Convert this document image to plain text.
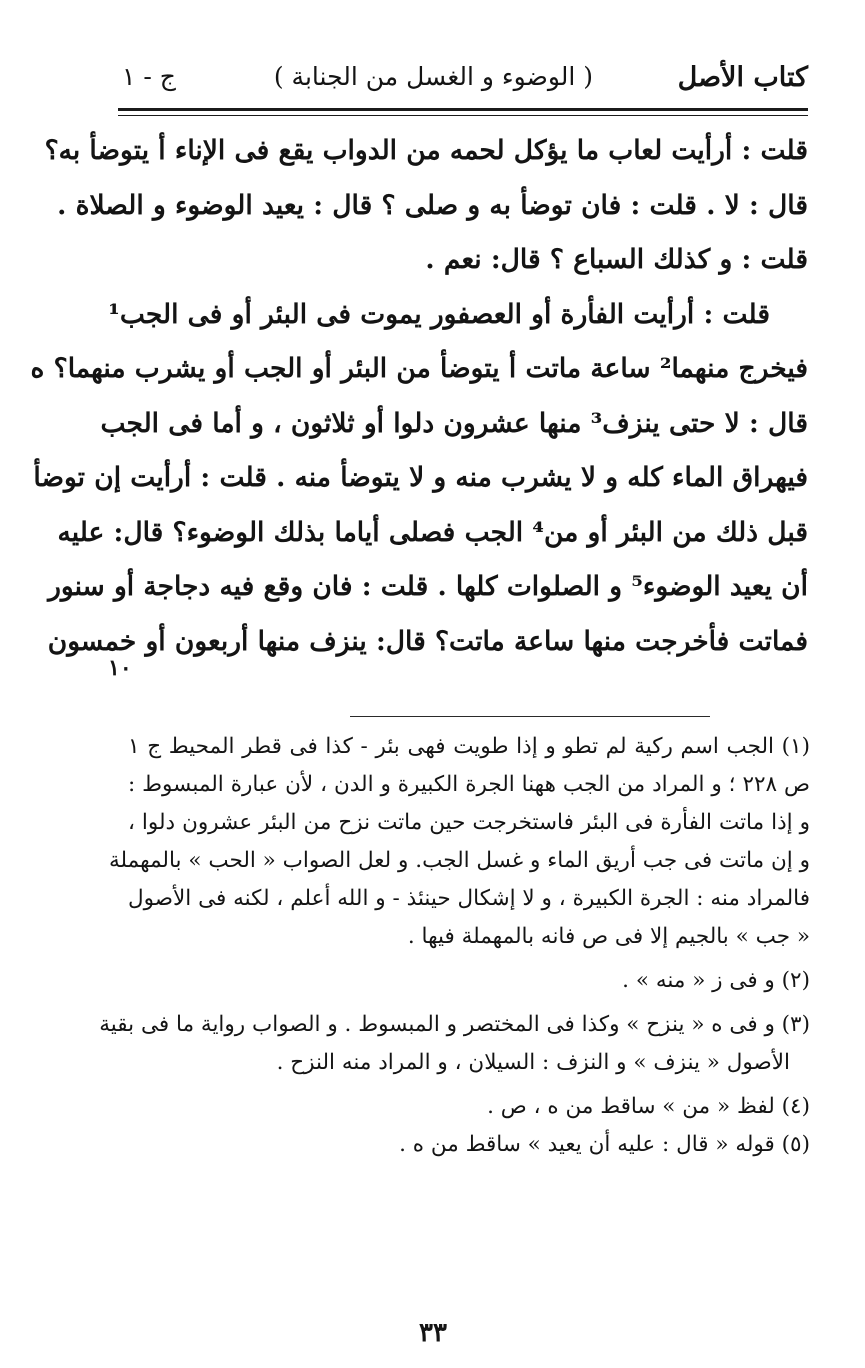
كتاب الأصل
( الوضوء و الغسل من الجنابة )
ج - ١
قلت : أرأيت لعاب ما يؤكل لحمه من الدواب يقع فى الإناء أ يتوضأ به؟
قال : لا . قلت : فان توضأ به و صلى ؟ قال : يعيد الوضوء و الصلاة .
قلت : و كذلك السباع ؟ قال: نعم .
قلت : أرأيت الفأرة أو العصفور يموت فى البئر أو فى الجب¹
فيخرج منهما² ساعة ماتت أ يتوضأ من البئر أو الجب أو يشرب منهما؟ ه
قال : لا حتى ينزف³ منها عشرون دلوا أو ثلاثون ، و أما فى الجب
فيهراق الماء كله و لا يشرب منه و لا يتوضأ منه . قلت : أرأيت إن توضأ
قبل ذلك من البئر أو من⁴ الجب فصلى أياما بذلك الوضوء؟ قال: عليه
أن يعيد الوضوء⁵ و الصلوات كلها . قلت : فان وقع فيه دجاجة أو سنور
فماتت فأخرجت منها ساعة ماتت؟ قال: ينزف منها أربعون أو خمسون
١٠
(١) الجب اسم ركية لم تطو و إذا طويت فهى بئر - كذا فى قطر المحيط ج ١
ص ٢٢٨ ؛ و المراد من الجب ههنا الجرة الكبيرة و الدن ، لأن عبارة المبسوط :
و إذا ماتت الفأرة فى البئر فاستخرجت حين ماتت نزح من البئر عشرون دلوا ،
و إن ماتت فى جب أريق الماء و غسل الجب. و لعل الصواب « الحب » بالمهملة
فالمراد منه : الجرة الكبيرة ، و لا إشكال حينئذ - و الله أعلم ، لكنه فى الأصول
« جب » بالجيم إلا فى ص فانه بالمهملة فيها .
(٢) و فى ز « منه » .
(٣) و فى ه « ينزح » وكذا فى المختصر و المبسوط . و الصواب رواية ما فى بقية
الأصول « ينزف » و النزف : السيلان ، و المراد منه النزح .
(٤) لفظ « من » ساقط من ه ، ص .
(٥) قوله « قال : عليه أن يعيد » ساقط من ه .
٣٣
